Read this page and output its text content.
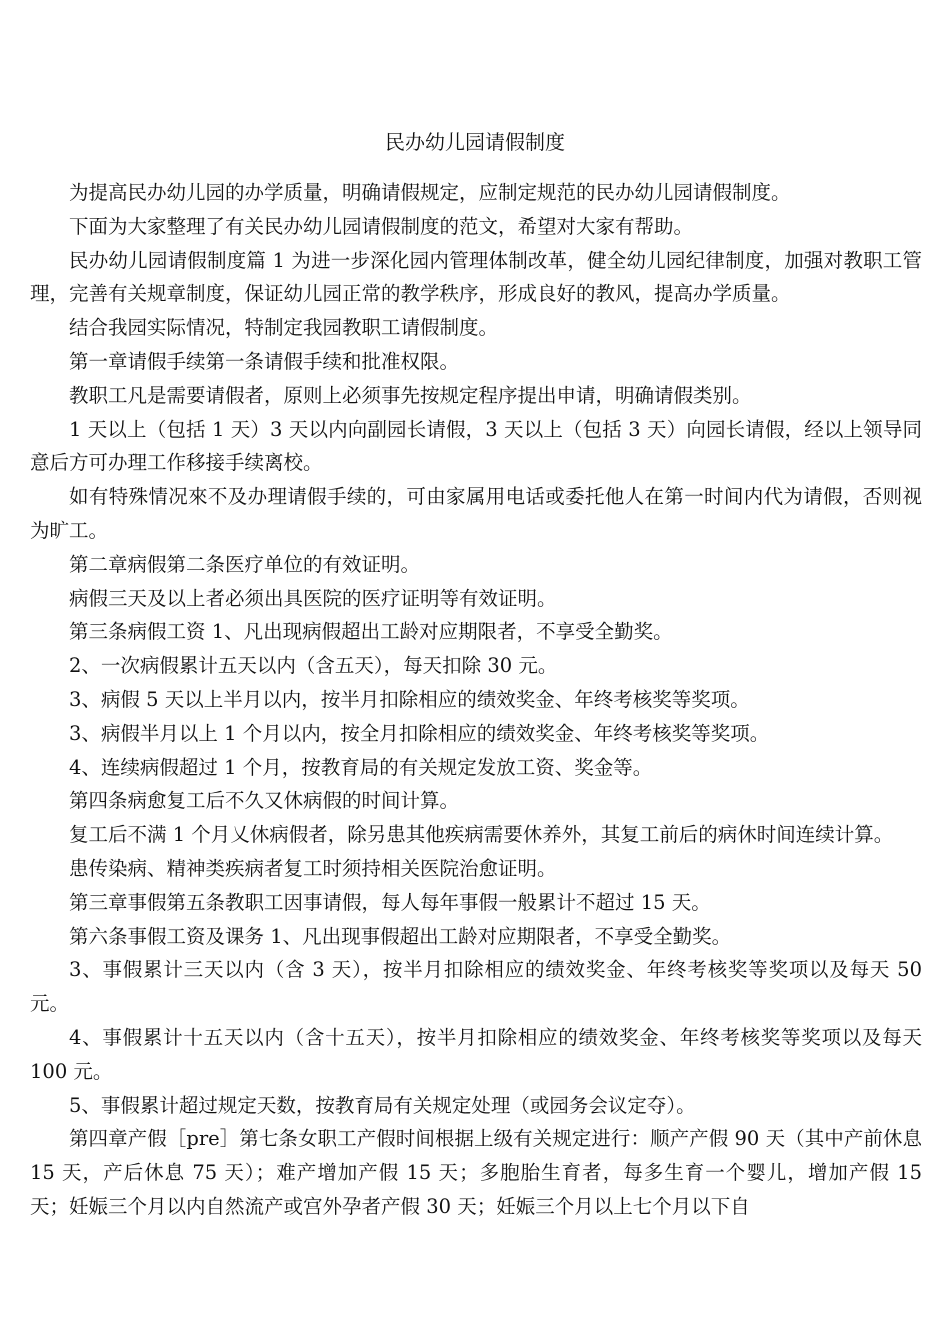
民办幼儿园请假制度

为提高民办幼儿园的办学质量，明确请假规定，应制定规范的民办幼儿园请假制度。

下面为大家整理了有关民办幼儿园请假制度的范文，希望对大家有帮助。

民办幼儿园请假制度篇 1 为进一步深化园内管理体制改革，健全幼儿园纪律制度，加强对教职工管理，完善有关规章制度，保证幼儿园正常的教学秩序，形成良好的教风，提高办学质量。

结合我园实际情况，特制定我园教职工请假制度。

第一章请假手续第一条请假手续和批准权限。

教职工凡是需要请假者，原则上必须事先按规定程序提出申请，明确请假类别。

1 天以上（包括 1 天）3 天以内向副园长请假，3 天以上（包括 3 天）向园长请假，经以上领导同意后方可办理工作移接手续离校。

如有特殊情况來不及办理请假手续的，可由家属用电话或委托他人在第一时间内代为请假，否则视为旷工。

第二章病假第二条医疗单位的有效证明。

病假三天及以上者必须出具医院的医疗证明等有效证明。

第三条病假工资 1、凡出现病假超出工龄对应期限者，不享受全勤奖。

2、一次病假累计五天以内（含五天），每天扣除 30 元。

3、病假 5 天以上半月以内，按半月扣除相应的绩效奖金、年终考核奖等奖项。

3、病假半月以上 1 个月以内，按全月扣除相应的绩效奖金、年终考核奖等奖项。

4、连续病假超过 1 个月，按教育局的有关规定发放工资、奖金等。

第四条病愈复工后不久又休病假的时间计算。

复工后不满 1 个月乂休病假者，除另患其他疾病需要休养外，其复工前后的病休时间连续计算。

患传染病、精神类疾病者复工时须持相关医院治愈证明。

第三章事假第五条教职工因事请假，每人每年事假一般累计不超过 15 天。

第六条事假工资及课务 1、凡出现事假超出工龄对应期限者，不享受全勤奖。

3、事假累计三天以内（含 3 天），按半月扣除相应的绩效奖金、年终考核奖等奖项以及每天 50 元。

4、事假累计十五天以内（含十五天），按半月扣除相应的绩效奖金、年终考核奖等奖项以及每天 100 元。

5、事假累计超过规定天数，按教育局有关规定处理（或园务会议定夺）。

第四章产假［pre］第七条女职工产假时间根据上级有关规定进行：顺产产假 90 天（其中产前休息 15 天，产后休息 75 天）；难产增加产假 15 天；多胞胎生育者，每多生育一个婴儿，增加产假 15 天；妊娠三个月以内自然流产或宫外孕者产假 30 天；妊娠三个月以上七个月以下自
